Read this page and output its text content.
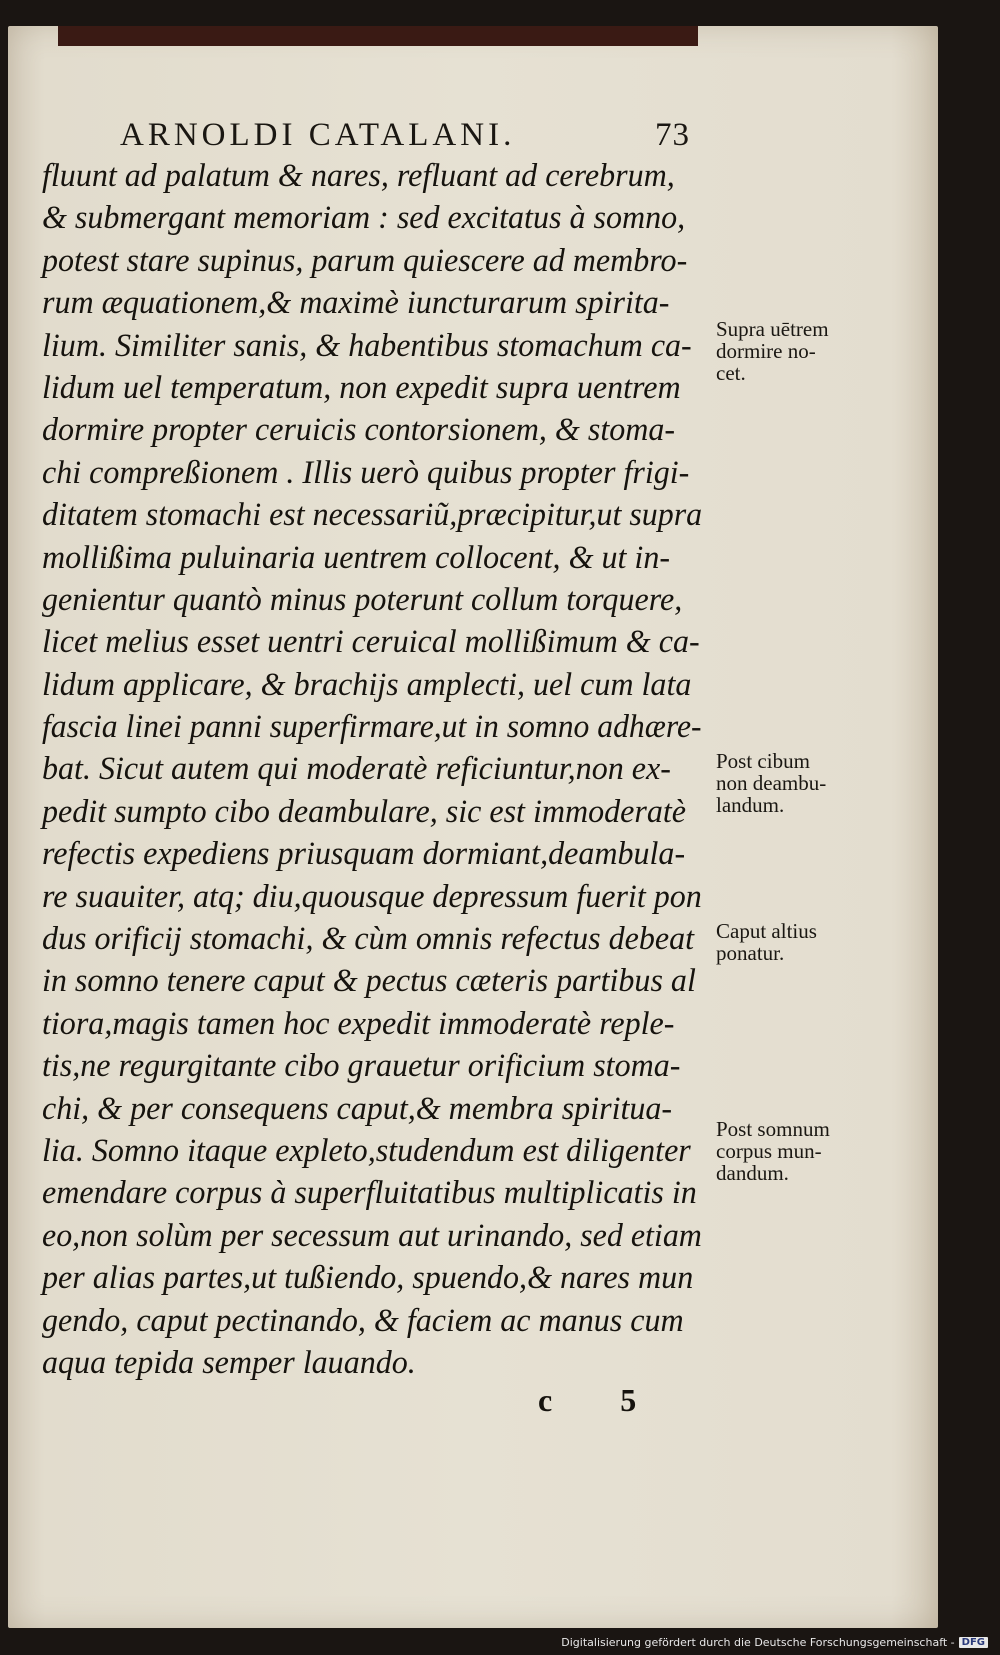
ARNOLDI CATALANI.	73
fluunt ad palatum & nares, refluant ad cerebrum,
& submergant memoriam : sed excitatus à somno,
potest stare supinus, parum quiescere ad membro-
rum æquationem,& maximè iuncturarum spirita-
lium. Similiter sanis, & habentibus stomachum ca-
lidum uel temperatum, non expedit supra uentrem
dormire propter ceruicis contorsionem, & stoma-
chi compreßionem . Illis uerò quibus propter frigi-
ditatem stomachi est necessariũ,præcipitur,ut supra
mollißima puluinaria uentrem collocent, & ut in-
genientur quantò minus poterunt collum torquere,
licet melius esset uentri ceruical mollißimum & ca-
lidum applicare, & brachijs amplecti, uel cum lata
fascia linei panni superfirmare,ut in somno adhære-
bat. Sicut autem qui moderatè reficiuntur,non ex-
pedit sumpto cibo deambulare, sic est immoderatè
refectis expediens priusquam dormiant,deambula-
re suauiter, atq; diu,quousque depressum fuerit pon
dus orificij stomachi, & cùm omnis refectus debeat
in somno tenere caput & pectus cæteris partibus al
tiora,magis tamen hoc expedit immoderatè reple-
tis,ne regurgitante cibo grauetur orificium stoma-
chi, & per consequens caput,& membra spiritua-
lia. Somno itaque expleto,studendum est diligenter
emendare corpus à superfluitatibus multiplicatis in
eo,non solùm per secessum aut urinando, sed etiam
per alias partes,ut tußiendo, spuendo,& nares mun
gendo, caput pectinando, & faciem ac manus cum
aqua tepida semper lauando.
Supra uētrem
dormire no-
cet.
Post cibum
non deambu-
landum.
Caput altius
ponatur.
Post somnum
corpus mun-
dandum.
c 5
Digitalisierung gefördert durch die Deutsche Forschungsgemeinschaft - DFG
